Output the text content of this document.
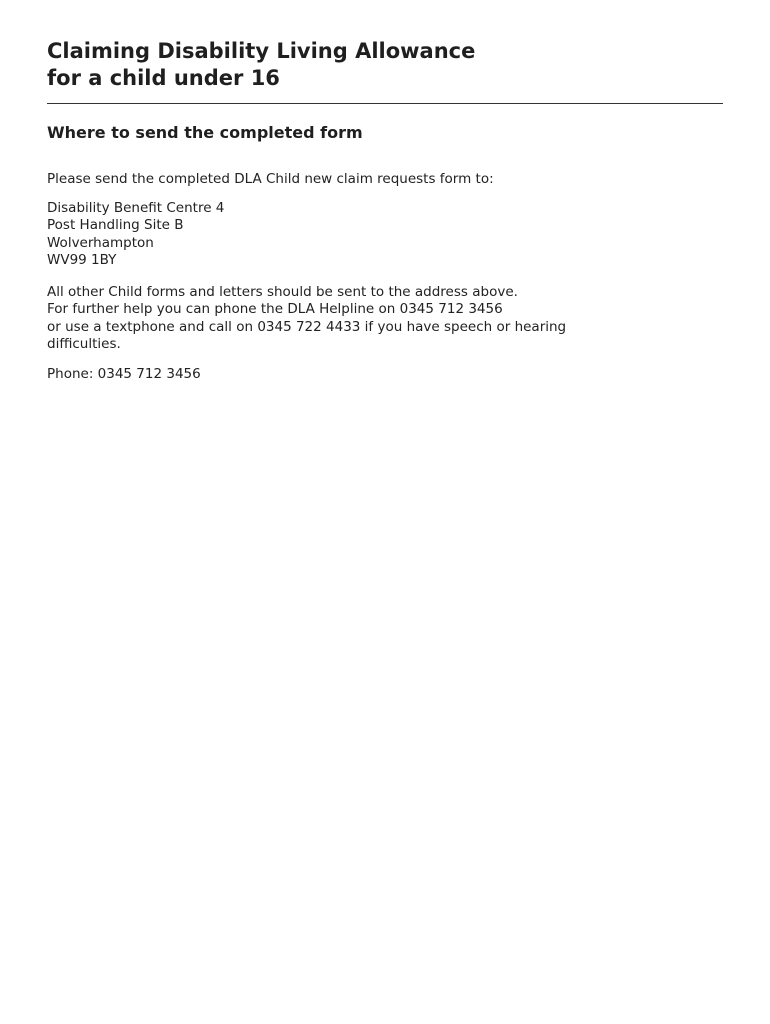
Claiming Disability Living Allowance
for a child under 16
Where to send the completed form

Please send the completed DLA Child new claim requests form to:

Disability Benefit Centre 4
Post Handling Site B
Wolverhampton
WV99 1BY
All other Child forms and letters should be sent to the address above.
For further help you can phone the DLA Helpline on 0345 712 3456
or use a textphone and call on 0345 722 4433 if you have speech or hearing
difficulties.
Phone: 0345 712 3456
